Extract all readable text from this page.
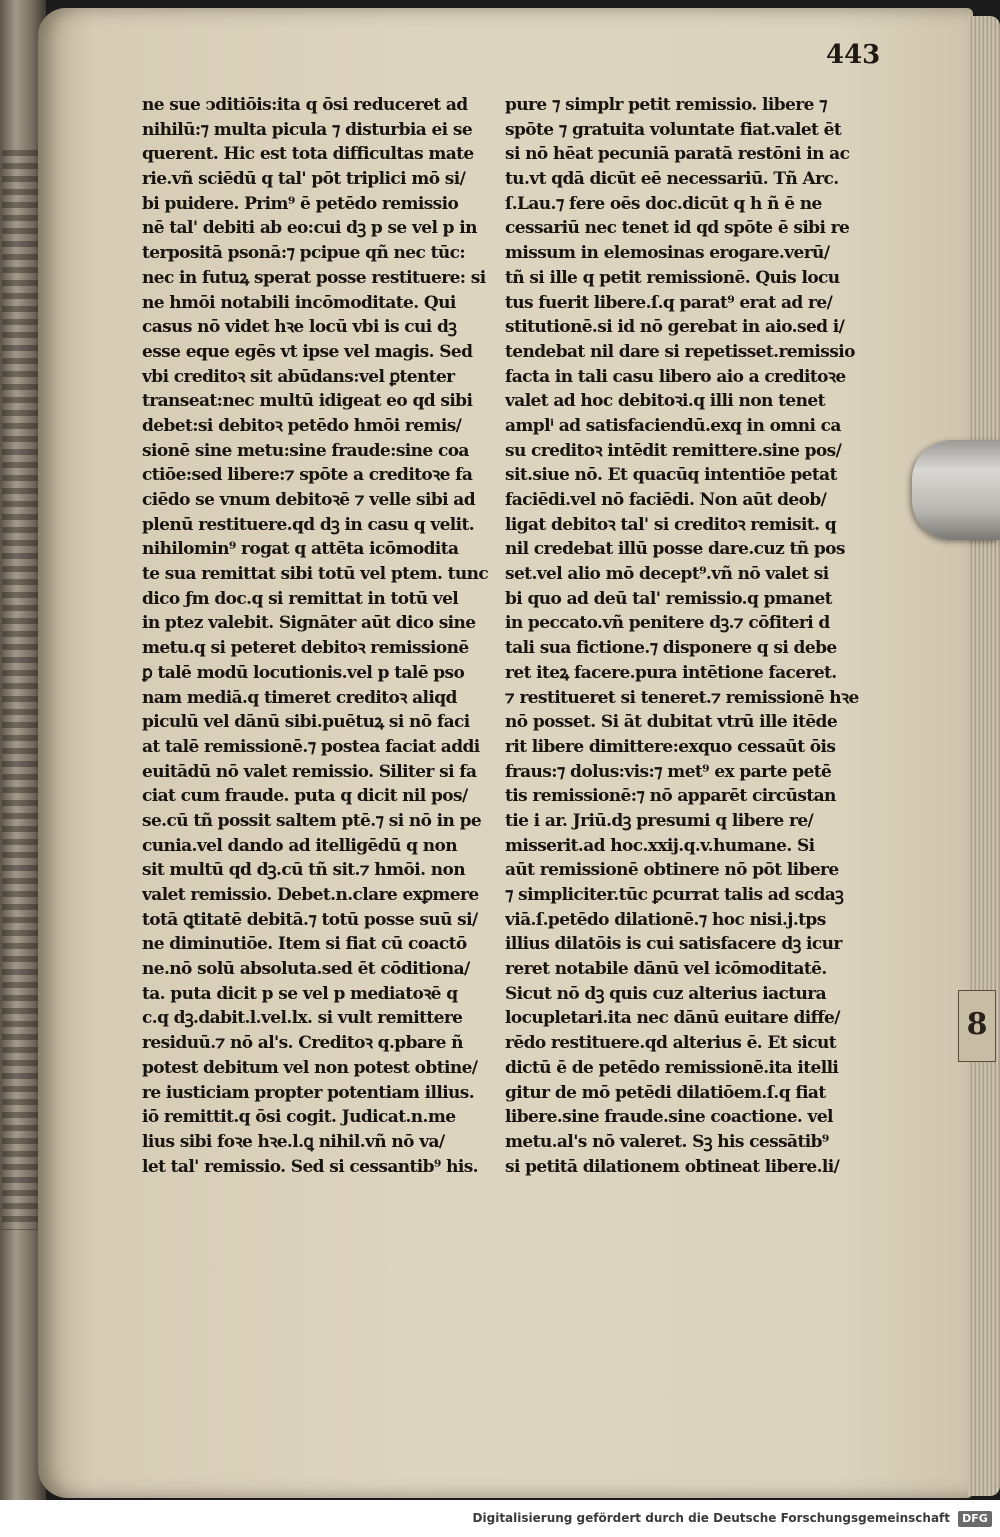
8
443
ne sue ↄditiōis:ita q ōsi reduceret ad
nihilū:⁊ multa picula ⁊ disturbia ei se
querent. Hic est tota difficultas mate
rie.vñ sciēdū q tal' pōt triplici mō si/
bi puidere. Prim⁹ ē petēdo remissio
nē tal' debiti ab eo:cui dꝫ p se vel p in
terpositā psonā:⁊ pcipue qñ nec tūc:
nec in futuꝝ sperat posse restituere: si
ne hmōi notabili incōmoditate. Qui
casus nō videt hꝛe locū vbi is cui dꝫ
esse eque egēs vt ipse vel magis. Sed
vbi creditoꝛ sit abūdans:vel ꝑtenter
transeat:nec multū idigeat eo qd sibi
debet:si debitoꝛ petēdo hmōi remis/
sionē sine metu:sine fraude:sine coa
ctiōe:sed libere:⁊ spōte a creditoꝛe fa
ciēdo se vnum debitoꝛē ⁊ velle sibi ad
plenū restituere.qd dꝫ in casu q velit.
nihilomin⁹ rogat q attēta icōmodita
te sua remittat sibi totū vel ptem. tunc
dico ƒm doc.q si remittat in totū vel
in ptez valebit. Signāter aūt dico sine
metu.q si peteret debitoꝛ remissionē
ꝑ talē modū locutionis.vel p talē pso
nam mediā.q timeret creditoꝛ aliqd
piculū vel dānū sibi.puētuꝝ si nō faci
at talē remissionē.⁊ postea faciat addi
euitādū nō valet remissio. Siliter si fa
ciat cum fraude. puta q dicit nil pos/
se.cū tñ possit saltem ptē.⁊ si nō in pe
cunia.vel dando ad itelligēdū q non
sit multū qd dꝫ.cū tñ sit.⁊ hmōi. non
valet remissio. Debet.n.clare exꝑmere
totā ꝗtitatē debitā.⁊ totū posse suū si/
ne diminutiōe. Item si fiat cū coactō
ne.nō solū absoluta.sed ēt cōditiona/
ta. puta dicit p se vel p mediatoꝛē q
c.q dꝫ.dabit.l.vel.lx. si vult remittere
residuū.⁊ nō al's. Creditoꝛ q.pbare ñ
potest debitum vel non potest obtine/
re iusticiam propter potentiam illius.
iō remittit.q ōsi cogit. Judicat.n.me
lius sibi foꝛe hꝛe.l.ꝗ nihil.vñ nō va/
let tal' remissio. Sed si cessantib⁹ his.
pure ⁊ simplr petit remissio. libere ⁊
spōte ⁊ gratuita voluntate fiat.valet ēt
si nō hēat pecuniā paratā restōni in ac
tu.vt qdā dicūt eē necessariū. Tñ Arc.
ſ.Lau.⁊ fere oēs doc.dicūt q h ñ ē ne
cessariū nec tenet id qd spōte ē sibi re
missum in elemosinas erogare.verū/
tñ si ille q petit remissionē. Quis locu
tus fuerit libere.ſ.q parat⁹ erat ad re/
stitutionē.si id nō gerebat in aio.sed i/
tendebat nil dare si repetisset.remissio
facta in tali casu libero aio a creditoꝛe
valet ad hoc debitoꝛi.q illi non tenet
amplⁱ ad satisfaciendū.exq in omni ca
su creditoꝛ intēdit remittere.sine pos/
sit.siue nō. Et quacūq intentiōe petat
faciēdi.vel nō faciēdi. Non aūt deob/
ligat debitoꝛ tal' si creditoꝛ remisit. q
nil credebat illū posse dare.cuz tñ pos
set.vel alio mō decept⁹.vñ nō valet si
bi quo ad deū tal' remissio.q pmanet
in peccato.vñ penitere dꝫ.⁊ cōfiteri d
tali sua fictione.⁊ disponere q si debe
ret iteꝝ facere.pura intētione faceret.
⁊ restitueret si teneret.⁊ remissionē hꝛe
nō posset. Si āt dubitat vtrū ille itēde
rit libere dimittere:exquo cessaūt ōis
fraus:⁊ dolus:vis:⁊ met⁹ ex parte petē
tis remissionē:⁊ nō apparēt circūstan
tie i ar. Jriū.dꝫ presumi q libere re/
misserit.ad hoc.xxij.q.v.humane. Si
aūt remissionē obtinere nō pōt libere
⁊ simpliciter.tūc ꝑcurrat talis ad scdaꝫ
viā.ſ.petēdo dilationē.⁊ hoc nisi.j.tps
illius dilatōis is cui satisfacere dꝫ icur
reret notabile dānū vel icōmoditatē.
Sicut nō dꝫ quis cuz alterius iactura
locupletari.ita nec dānū euitare diffe/
rēdo restituere.qd alterius ē. Et sicut
dictū ē de petēdo remissionē.ita itelli
gitur de mō petēdi dilatiōem.ſ.q fiat
libere.sine fraude.sine coactione. vel
metu.al's nō valeret. Sꝫ his cessātib⁹
si petitā dilationem obtineat libere.li/
Digitalisierung gefördert durch die Deutsche Forschungsgemeinschaft	DFG
